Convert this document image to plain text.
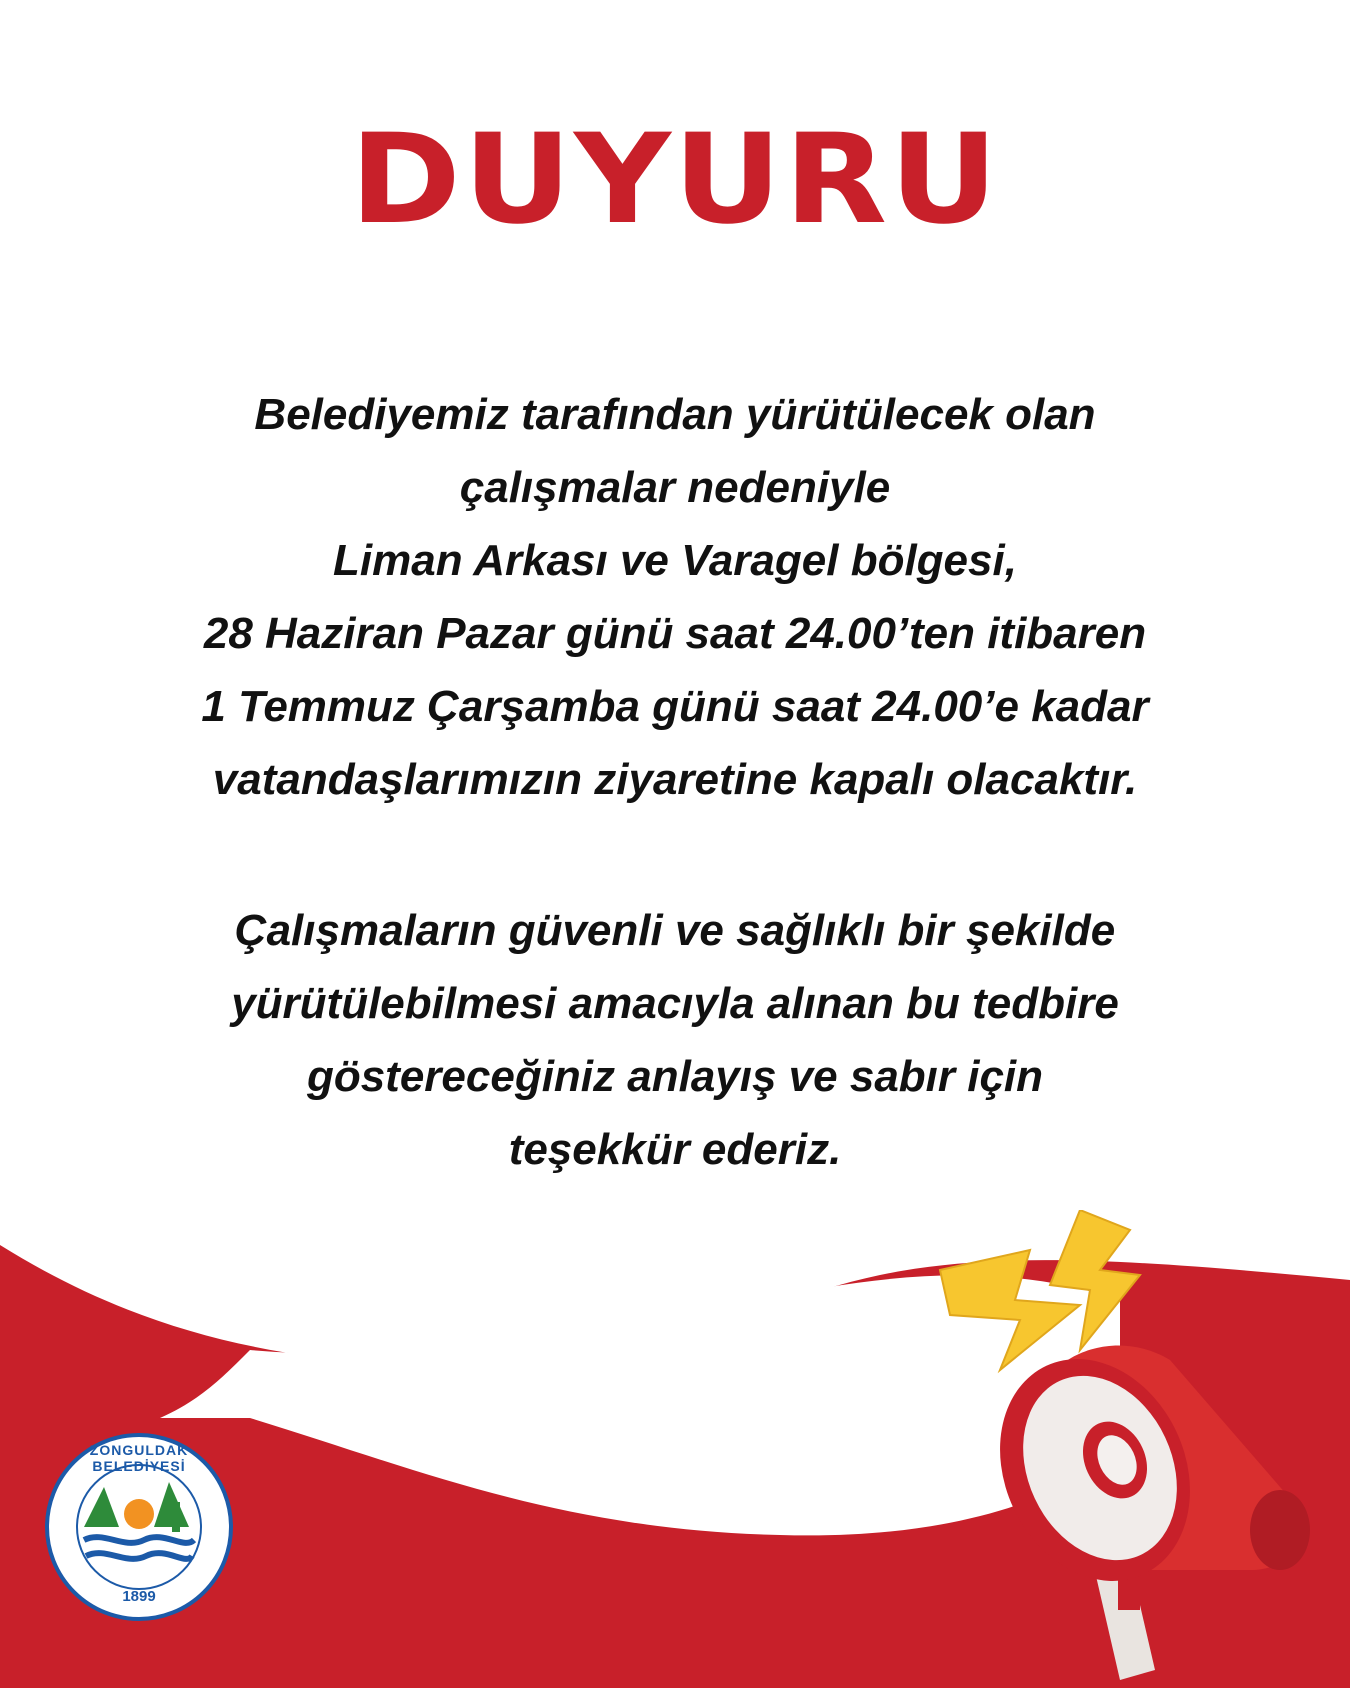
DUYURU
Belediyemiz tarafından yürütülecek olan
çalışmalar nedeniyle
Liman Arkası ve Varagel bölgesi,
28 Haziran Pazar günü saat 24.00’ten itibaren
1 Temmuz Çarşamba günü saat 24.00’e kadar
vatandaşlarımızın ziyaretine kapalı olacaktır.
Çalışmaların güvenli ve sağlıklı bir şekilde
yürütülebilmesi amacıyla alınan bu tedbire
göstereceğiniz anlayış ve sabır için
teşekkür ederiz.
ZONGULDAK BELEDİYESİ
1899
